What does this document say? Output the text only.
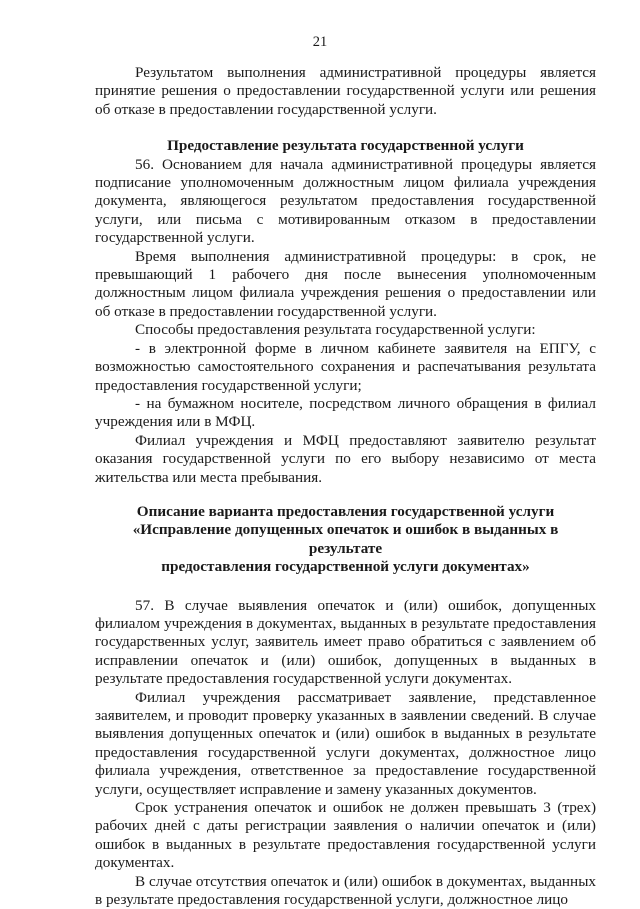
21

Результатом выполнения административной процедуры является принятие решения о предоставлении государственной услуги или решения об отказе в предоставлении государственной услуги.

Предоставление результата государственной услуги

56. Основанием для начала административной процедуры является подписание уполномоченным должностным лицом филиала учреждения документа, являющегося результатом предоставления государственной услуги, или письма с мотивированным отказом в предоставлении государственной услуги.

Время выполнения административной процедуры: в срок, не превышающий 1 рабочего дня после вынесения уполномоченным должностным лицом филиала учреждения решения о предоставлении или об отказе в предоставлении государственной услуги.

Способы предоставления результата государственной услуги:

- в электронной форме в личном кабинете заявителя на ЕПГУ, с возможностью самостоятельного сохранения и распечатывания результата предоставления государственной услуги;

- на бумажном носителе, посредством личного обращения в филиал учреждения или в МФЦ.

Филиал учреждения и МФЦ предоставляют заявителю результат оказания государственной услуги по его выбору независимо от места жительства или места пребывания.

Описание варианта предоставления государственной услуги
«Исправление допущенных опечаток и ошибок в выданных в результате
предоставления государственной услуги документах»

57. В случае выявления опечаток и (или) ошибок, допущенных филиалом учреждения в документах, выданных в результате предоставления государственных услуг, заявитель имеет право обратиться с заявлением об исправлении опечаток и (или) ошибок, допущенных в выданных в результате предоставления государственной услуги документах.

Филиал учреждения рассматривает заявление, представленное заявителем, и проводит проверку указанных в заявлении сведений. В случае выявления допущенных опечаток и (или) ошибок в выданных в результате предоставления государственной услуги документах, должностное лицо филиала учреждения, ответственное за предоставление государственной услуги, осуществляет исправление и замену указанных документов.

Срок устранения опечаток и ошибок не должен превышать 3 (трех) рабочих дней с даты регистрации заявления о наличии опечаток и (или) ошибок в выданных в результате предоставления государственной услуги документах.

В случае отсутствия опечаток и (или) ошибок в документах, выданных в результате предоставления государственной услуги, должностное лицо
